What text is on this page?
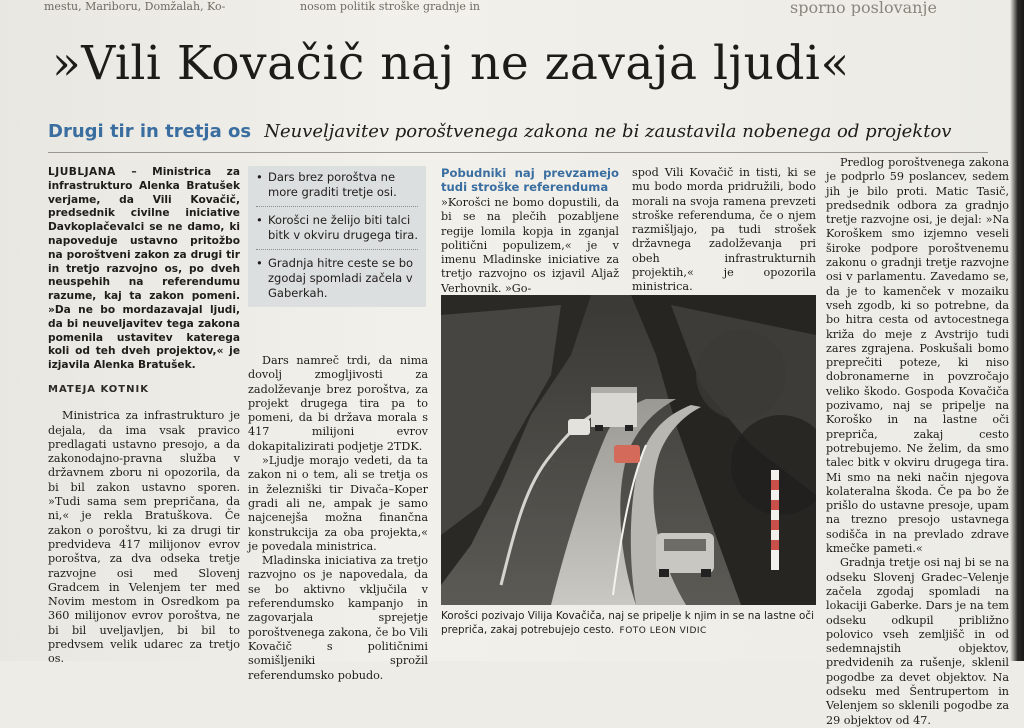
mestu, Mariboru, Domžalah, Ko-	nosom politik stroške gradnje in	sporno poslovanje
»Vili Kovačič naj ne zavaja ljudi«
Drugi tir in tretja os Neuveljavitev poroštvenega zakona ne bi zaustavila nobenega od projektov

LJUBLJANA – Ministrica za infrastrukturo Alenka Bratušek verjame, da Vili Kovačič, predsednik civilne iniciative Davkoplačevalci se ne damo, ki napoveduje ustavno pritožbo na poroštveni zakon za drugi tir in tretjo razvojno os, po dveh neuspehih na referendumu razume, kaj ta zakon pomeni. »Da ne bo mordazavajal ljudi, da bi neuveljavitev tega zakona pomenila ustavitev katerega koli od teh dveh projektov,« je izjavila Alenka Bratušek.

MATEJA KOTNIK

Ministrica za infrastrukturo je dejala, da ima vsak pravico predlagati ustavno presojo, a da zakonodajno-pravna služba v državnem zboru ni opozorila, da bi bil zakon ustavno sporen. »Tudi sama sem prepričana, da ni,« je rekla Bratuškova. Če zakon o poroštvu, ki za drugi tir predvideva 417 milijonov evrov poroštva, za dva odseka tretje razvojne osi med Slovenj Gradcem in Velenjem ter med Novim mestom in Osredkom pa 360 milijonov evrov poroštva, ne bi bil uveljavljen, bi bil to predvsem velik udarec za tretjo os.

• Dars brez poroštva ne more graditi tretje osi.
• Korošci ne želijo biti talci bitk v okviru drugega tira.
• Gradnja hitre ceste se bo zgodaj spomladi začela v Gaberkah.

Dars namreč trdi, da nima dovolj zmogljivosti za zadolževanje brez poroštva, za projekt drugega tira pa to pomeni, da bi država morala s 417 milijoni evrov dokapitalizirati podjetje 2TDK.

»Ljudje morajo vedeti, da ta zakon ni o tem, ali se tretja os in železniški tir Divača–Koper gradi ali ne, ampak je samo najcenejša možna finančna konstrukcija za oba projekta,« je povedala ministrica.

Mladinska iniciativa za tretjo razvojno os je napovedala, da se bo aktivno vključila v referendumsko kampanjo in zagovarjala sprejetje poroštvenega zakona, če bo Vili Kovačič s političnimi somišljeniki sprožil referendumsko pobudo.

Pobudniki naj prevzamejo tudi stroške referenduma

»Korošci ne bomo dopustili, da bi se na plečih pozabljene regije lomila kopja in zganjal politični populizem,« je v imenu Mladinske iniciative za tretjo razvojno os izjavil Aljaž Verhovnik. »Go-

spod Vili Kovačič in tisti, ki se mu bodo morda pridružili, bodo morali na svoja ramena prevzeti stroške referenduma, če o njem razmišljajo, pa tudi strošek državnega zadolževanja pri obeh infrastrukturnih projektih,« je opozorila ministrica.

Korošci pozivajo Vilija Kovačiča, naj se pripelje k njim in se na lastne oči prepriča, zakaj potrebujejo cesto. FOTO LEON VIDIC

Predlog poroštvenega zakona je podprlo 59 poslancev, sedem jih je bilo proti. Matic Tasič, predsednik odbora za gradnjo tretje razvojne osi, je dejal: »Na Koroškem smo izjemno veseli široke podpore poroštvenemu zakonu o gradnji tretje razvojne osi v parlamentu. Zavedamo se, da je to kamenček v mozaiku vseh zgodb, ki so potrebne, da bo hitra cesta od avtocestnega križa do meje z Avstrijo tudi zares zgrajena. Poskušali bomo preprečiti poteze, ki niso dobronamerne in povzročajo veliko škodo. Gospoda Kovačiča pozivamo, naj se pripelje na Koroško in na lastne oči prepriča, zakaj cesto potrebujemo. Ne želim, da smo talec bitk v okviru drugega tira. Mi smo na neki način njegova kolateralna škoda. Če pa bo že prišlo do ustavne presoje, upam na trezno presojo ustavnega sodišča in na prevlado zdrave kmečke pameti.«

Gradnja tretje osi naj bi se na odseku Slovenj Gradec–Velenje začela zgodaj spomladi na lokaciji Gaberke. Dars je na tem odseku odkupil približno polovico vseh zemljišč in od sedemnajstih objektov, predvidenih za rušenje, sklenil pogodbe za devet objektov. Na odseku med Šentrupertom in Velenjem so sklenili pogodbe za 29 objektov od 47.
